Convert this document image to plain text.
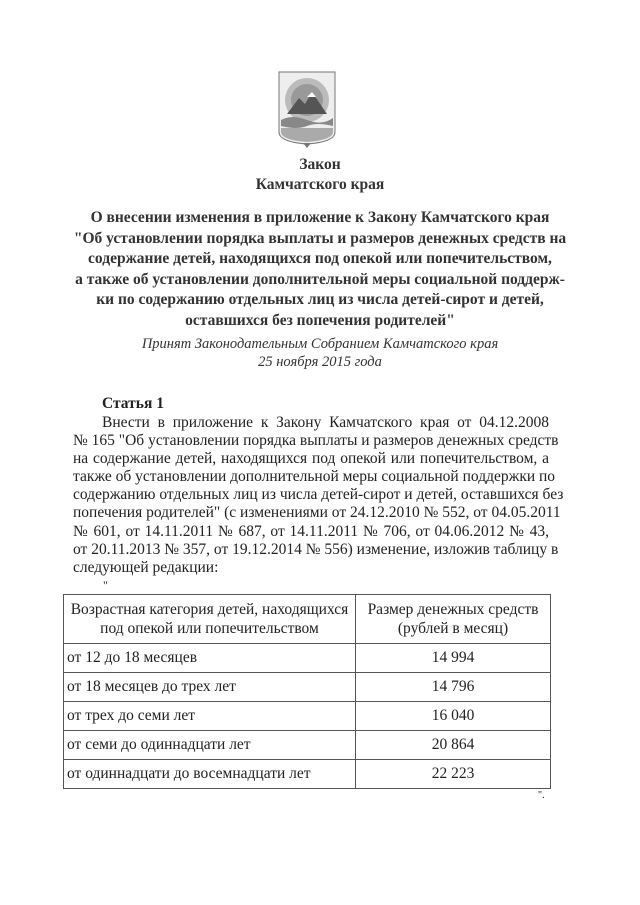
Закон
Камчатского края
О внесении изменения в приложение к Закону Камчатского края
"Об установлении порядка выплаты и размеров денежных средств на
содержание детей, находящихся под опекой или попечительством,
а также об установлении дополнительной меры социальной поддерж-
ки по содержанию отдельных лиц из числа детей-сирот и детей,
оставшихся без попечения родителей"
Принят Законодательным Собранием Камчатского края
25 ноября 2015 года
Статья 1
Внести в приложение к Закону Камчатского края от 04.12.2008
№ 165 "Об установлении порядка выплаты и размеров денежных средств
на содержание детей, находящихся под опекой или попечительством, а
также об установлении дополнительной меры социальной поддержки по
содержанию отдельных лиц из числа детей-сирот и детей, оставшихся без
попечения родителей" (с изменениями от 24.12.2010 № 552, от 04.05.2011
№ 601, от 14.11.2011 № 687, от 14.11.2011 № 706, от 04.06.2012 № 43,
от 20.11.2013 № 357, от 19.12.2014 № 556) изменение, изложив таблицу в
следующей редакции:
"
Возрастная категория детей, находящихся под опекой или попечительством	Размер денежных средств (рублей в месяц)
от 12 до 18 месяцев	14 994
от 18 месяцев до трех лет	14 796
от трех до семи лет	16 040
от семи до одиннадцати лет	20 864
от одиннадцати до восемнадцати лет	22 223
".
